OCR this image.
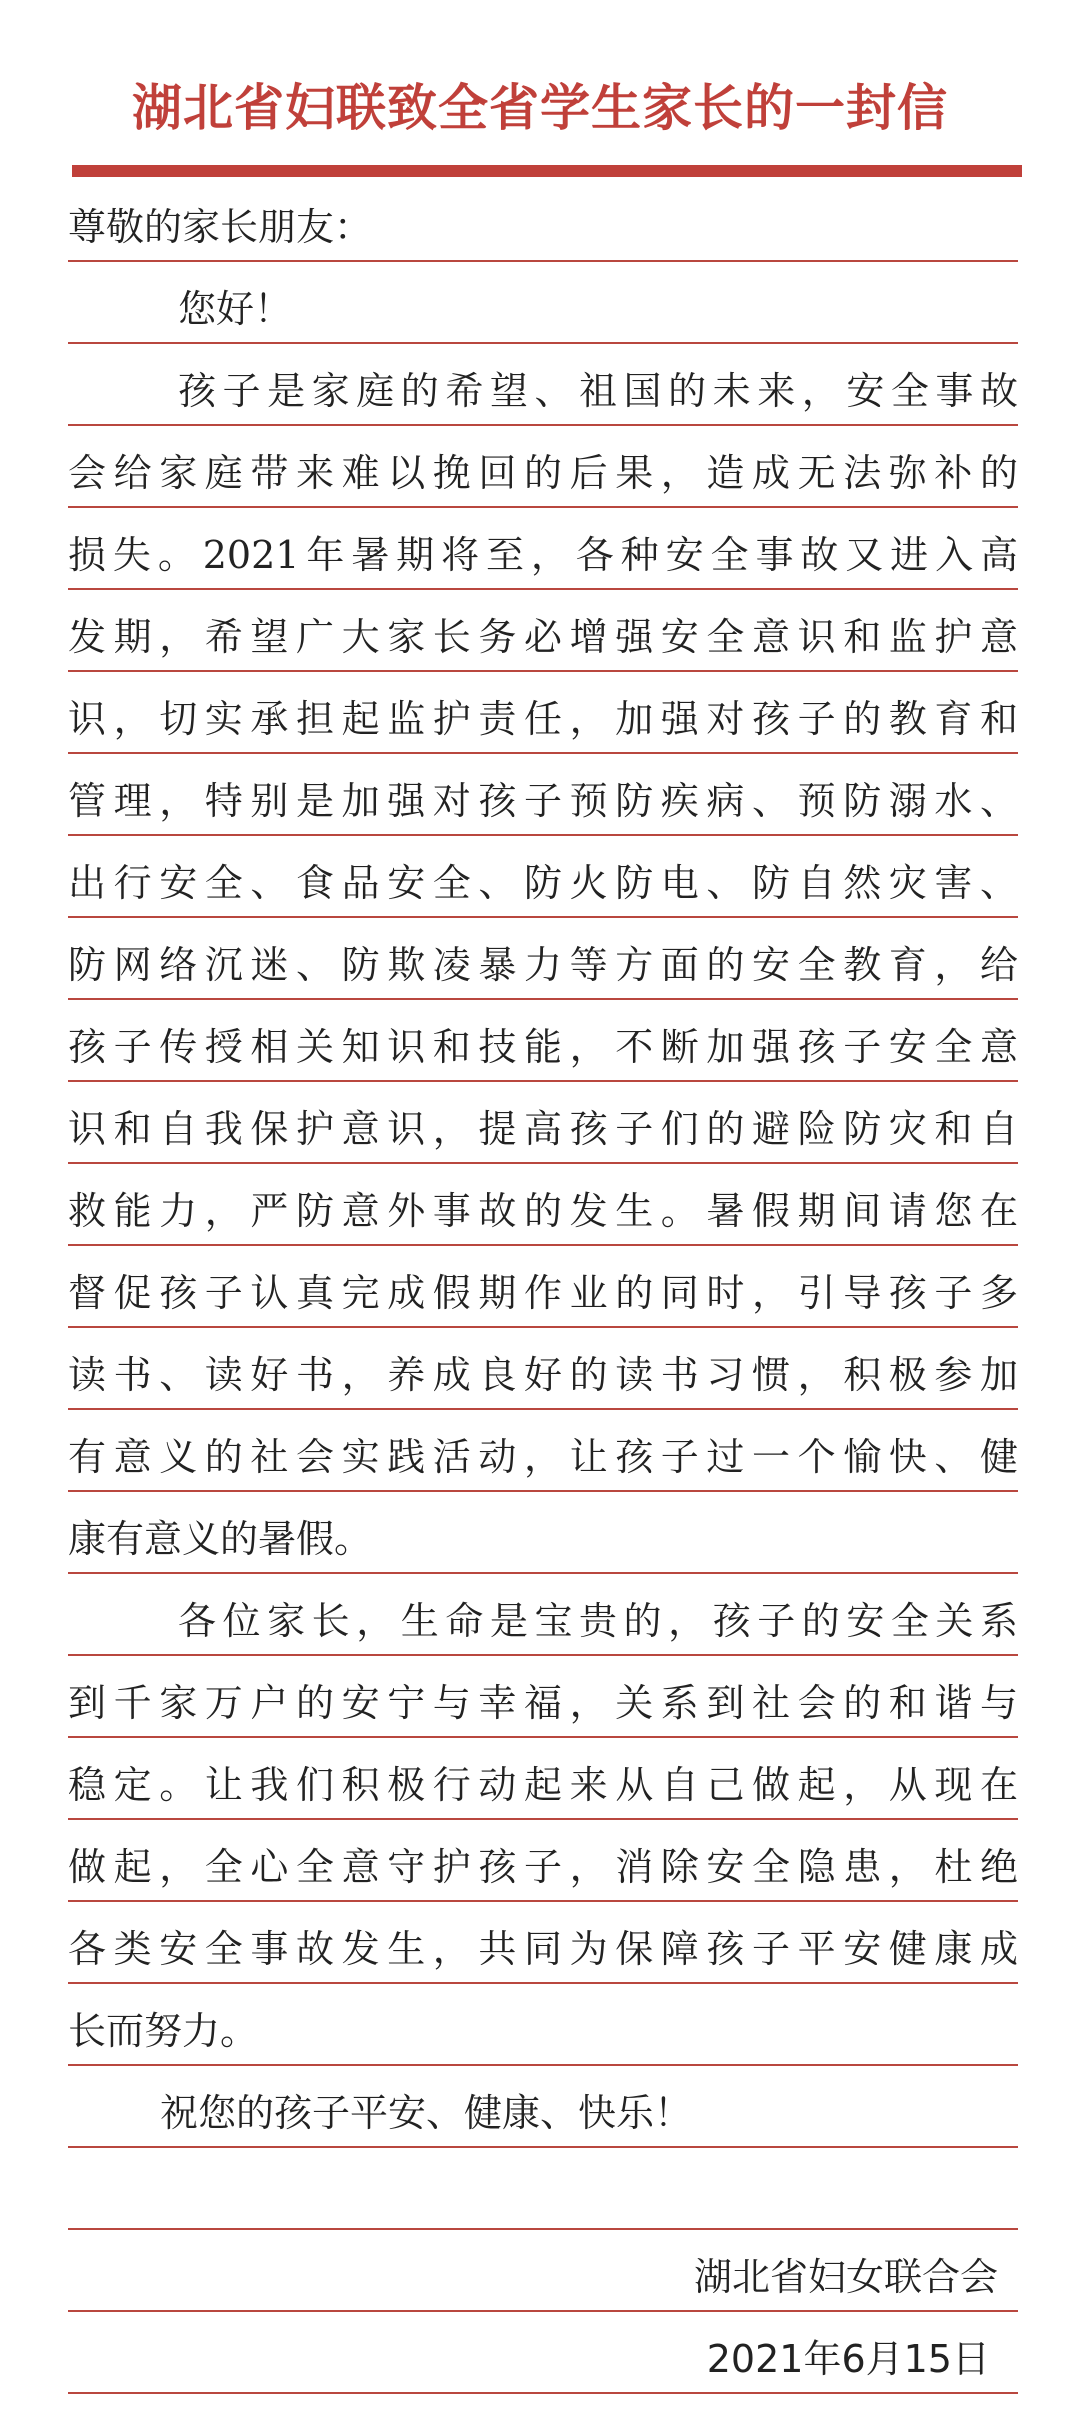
湖北省妇联致全省学生家长的一封信
尊敬的家长朋友：
您好！
孩子是家庭的希望、祖国的未来，安全事故
会给家庭带来难以挽回的后果，造成无法弥补的
损失。2021年暑期将至，各种安全事故又进入高
发期，希望广大家长务必增强安全意识和监护意
识，切实承担起监护责任，加强对孩子的教育和
管理，特别是加强对孩子预防疾病、预防溺水、
出行安全、食品安全、防火防电、防自然灾害、
防网络沉迷、防欺凌暴力等方面的安全教育，给
孩子传授相关知识和技能，不断加强孩子安全意
识和自我保护意识，提高孩子们的避险防灾和自
救能力，严防意外事故的发生。暑假期间请您在
督促孩子认真完成假期作业的同时，引导孩子多
读书、读好书，养成良好的读书习惯，积极参加
有意义的社会实践活动，让孩子过一个愉快、健
康有意义的暑假。
各位家长，生命是宝贵的，孩子的安全关系
到千家万户的安宁与幸福，关系到社会的和谐与
稳定。让我们积极行动起来从自己做起，从现在
做起，全心全意守护孩子，消除安全隐患，杜绝
各类安全事故发生，共同为保障孩子平安健康成
长而努力。
祝您的孩子平安、健康、快乐！
湖北省妇女联合会
2021年6月15日
